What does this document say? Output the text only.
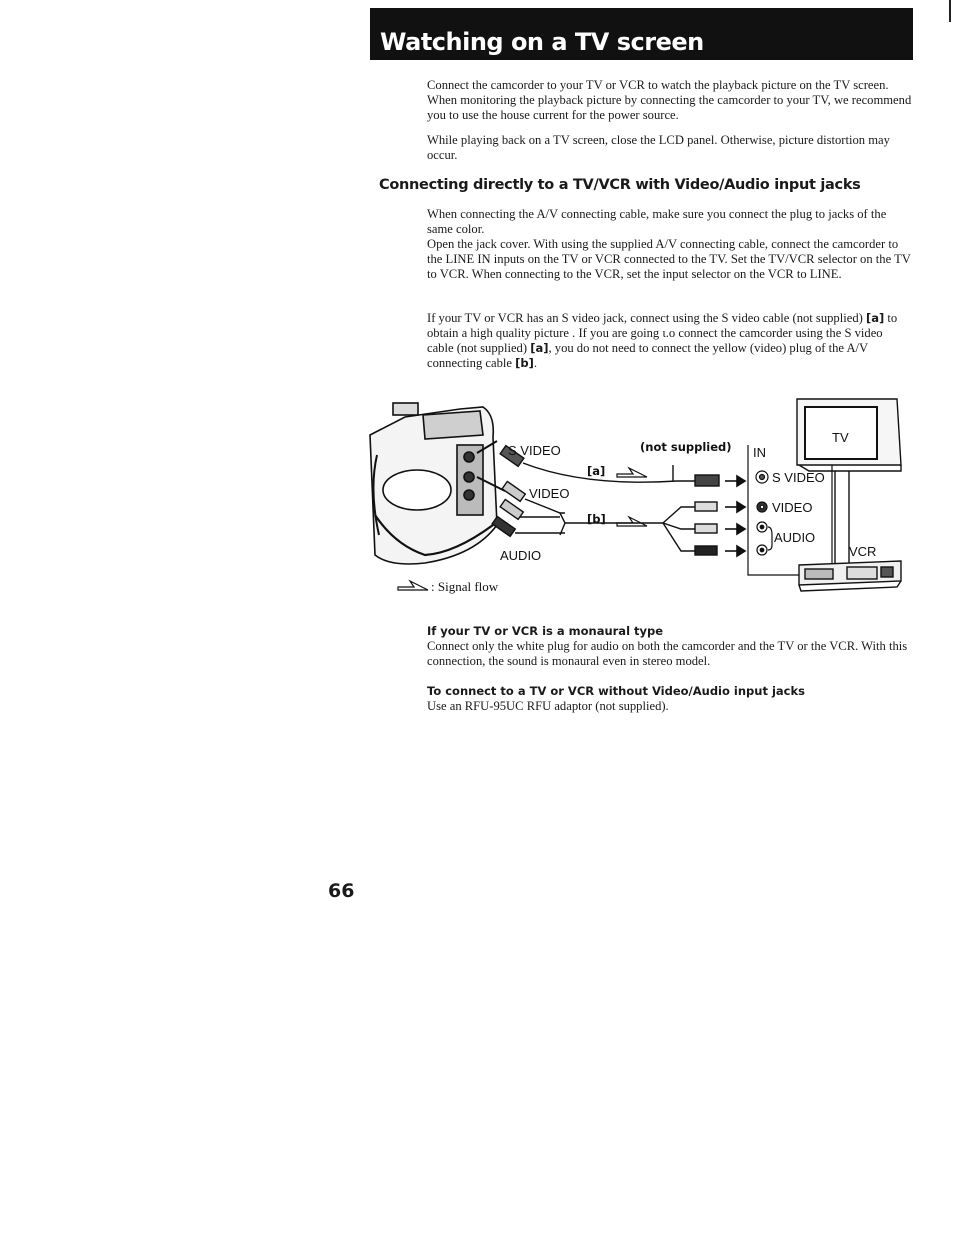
Watching on a TV screen

Connect the camcorder to your TV or VCR to watch the playback picture on the TV screen. When monitoring the playback picture by connecting the camcorder to your TV, we recommend you to use the house current for the power source.

While playing back on a TV screen, close the LCD panel. Otherwise, picture distortion may occur.

Connecting directly to a TV/VCR with Video/Audio input jacks

When connecting the A/V connecting cable, make sure you connect the plug to jacks of the same color.

Open the jack cover. With using the supplied A/V connecting cable, connect the camcorder to the LINE IN inputs on the TV or VCR connected to the TV. Set the TV/VCR selector on the TV to VCR. When connecting to the VCR, set the input selector on the VCR to LINE.

If your TV or VCR has an S video jack, connect using the S video cable (not supplied) [a] to obtain a high quality picture . If you are going ι.ο connect the camcorder using the S video cable (not supplied) [a], you do not need to connect the yellow (video) plug of the A/V connecting cable [b].

S VIDEO	(not supplied)
[a]
VIDEO
[b]
AUDIO
IN
TV
S VIDEO
VIDEO
AUDIO
VCR
: Signal flow
If your TV or VCR is a monaural type

Connect only the white plug for audio on both the camcorder and the TV or the VCR. With this connection, the sound is monaural even in stereo model.

To connect to a TV or VCR without Video/Audio input jacks

Use an RFU-95UC RFU adaptor (not supplied).

66
